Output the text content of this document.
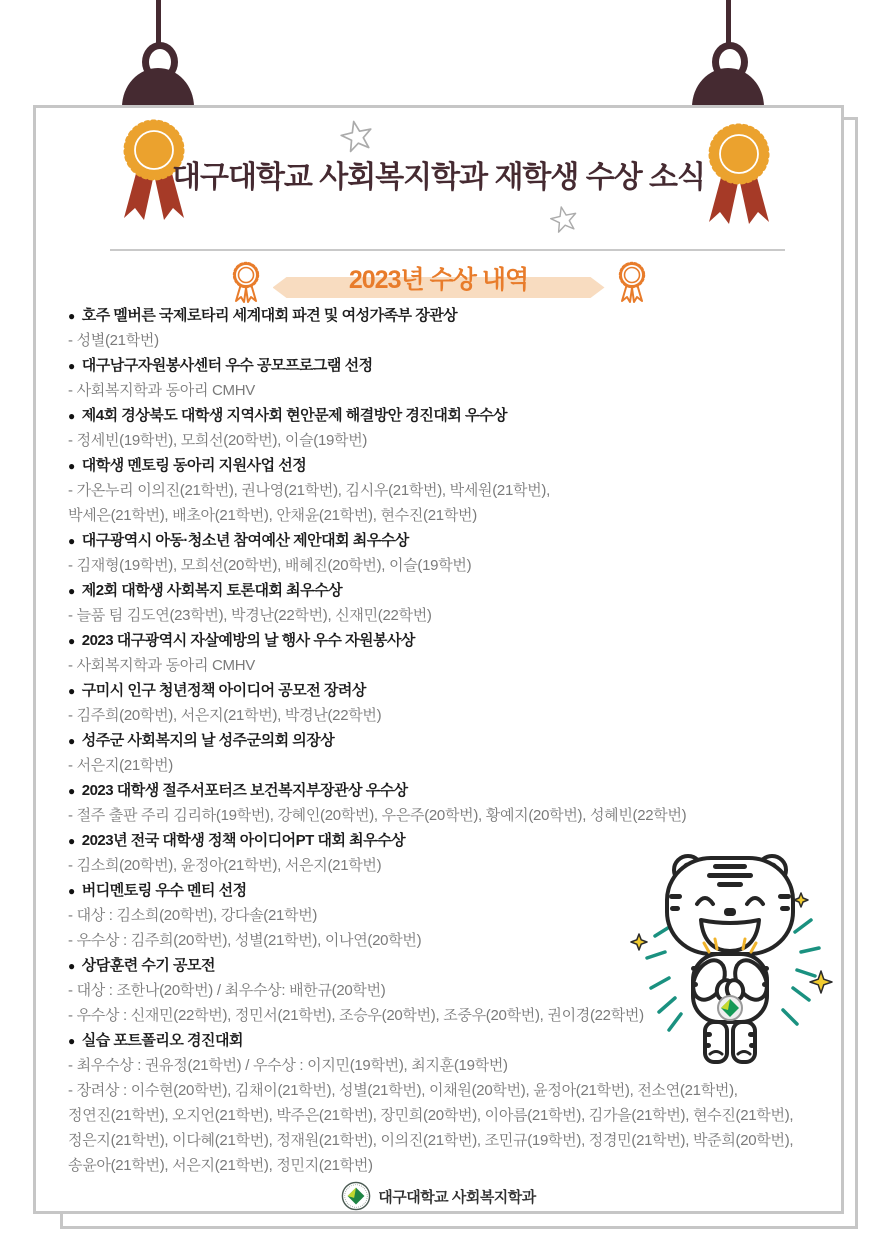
대구대학교 사회복지학과 재학생 수상 소식
2023년 수상 내역
● 호주 멜버른 국제로타리 세계대회 파견 및 여성가족부 장관상
- 성별(21학번)
● 대구남구자원봉사센터 우수 공모프로그램 선정
- 사회복지학과 동아리 CMHV
● 제4회 경상북도 대학생 지역사회 현안문제 해결방안 경진대회 우수상
- 정세빈(19학번), 모희선(20학번), 이슬(19학번)
● 대학생 멘토링 동아리 지원사업 선정
- 가온누리 이의진(21학번), 권나영(21학번), 김시우(21학번), 박세원(21학번),
박세은(21학번), 배초아(21학번), 안채윤(21학번), 현수진(21학번)
● 대구광역시 아동·청소년 참여예산 제안대회 최우수상
- 김재형(19학번), 모희선(20학번), 배혜진(20학번), 이슬(19학번)
● 제2회 대학생 사회복지 토론대회 최우수상
- 늘품 팀 김도연(23학번), 박경난(22학번), 신재민(22학번)
● 2023 대구광역시 자살예방의 날 행사 우수 자원봉사상
- 사회복지학과 동아리 CMHV
● 구미시 인구 청년정책 아이디어 공모전 장려상
- 김주희(20학번), 서은지(21학번), 박경난(22학번)
● 성주군 사회복지의 날 성주군의회 의장상
- 서은지(21학번)
● 2023 대학생 절주서포터즈 보건복지부장관상 우수상
- 절주 출판 주리 김리하(19학번), 강혜인(20학번), 우은주(20학번), 황예지(20학번), 성혜빈(22학번)
● 2023년 전국 대학생 정책 아이디어PT 대회 최우수상
- 김소희(20학번), 윤정아(21학번), 서은지(21학번)
● 버디멘토링 우수 멘티 선정
- 대상 : 김소희(20학번), 강다솔(21학번)
- 우수상 : 김주희(20학번), 성별(21학번), 이나연(20학번)
● 상담훈련 수기 공모전
- 대상 : 조한나(20학번) / 최우수상: 배한규(20학번)
- 우수상 : 신재민(22학번), 정민서(21학번), 조승우(20학번), 조중우(20학번), 권이경(22학번)
● 실습 포트폴리오 경진대회
- 최우수상 : 권유정(21학번) / 우수상 : 이지민(19학번), 최지훈(19학번)
- 장려상 : 이수현(20학번), 김채이(21학번), 성별(21학번), 이채원(20학번), 윤정아(21학번), 전소연(21학번),
정연진(21학번), 오지언(21학번), 박주은(21학번), 장민희(20학번), 이아름(21학번), 김가을(21학번), 현수진(21학번),
정은지(21학번), 이다혜(21학번), 정재원(21학번), 이의진(21학번), 조민규(19학번), 정경민(21학번), 박준희(20학번),
송윤아(21학번), 서은지(21학번), 정민지(21학번)
대구대학교 사회복지학과
